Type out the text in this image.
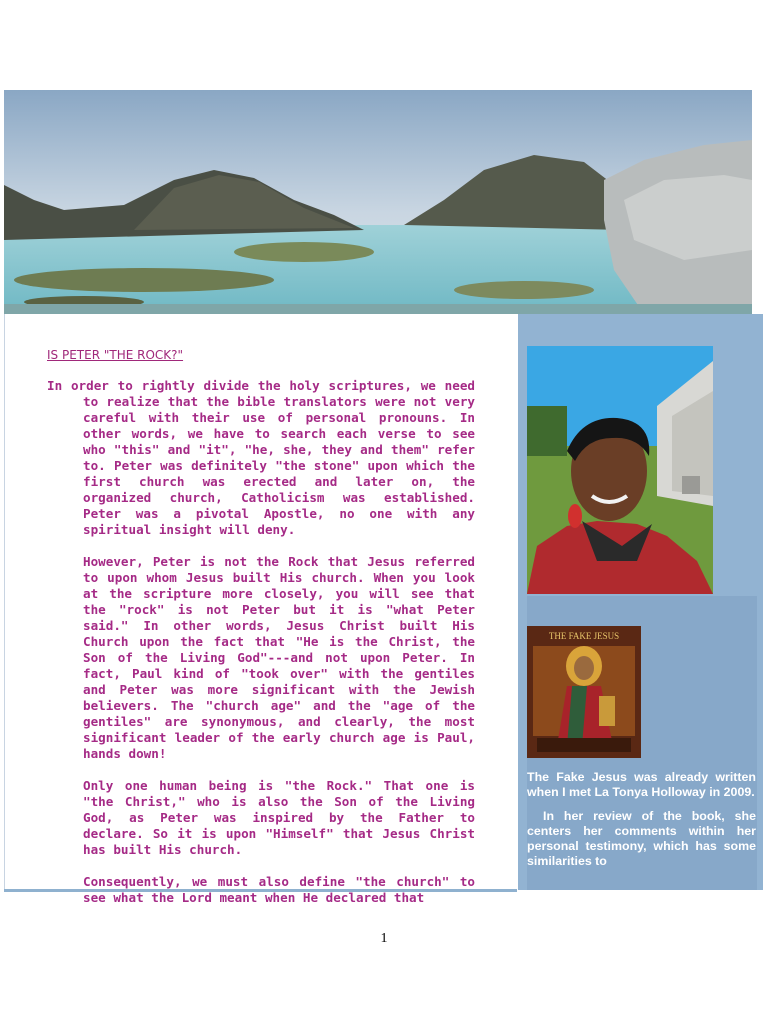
IS PETER "THE ROCK?"

In order to rightly divide the holy scriptures, we need to realize that the bible translators were not very careful with their use of personal pronouns. In other words, we have to search each verse to see who "this" and "it", "he, she, they and them" refer to. Peter was definitely "the stone" upon which the first church was erected and later on, the organized church, Catholicism was established. Peter was a pivotal Apostle, no one with any spiritual insight will deny.

However, Peter is not the Rock that Jesus referred to upon whom Jesus built His church. When you look at the scripture more closely, you will see that the "rock" is not Peter but it is "what Peter said." In other words, Jesus Christ built His Church upon the fact that "He is the Christ, the Son of the Living God"---and not upon Peter. In fact, Paul kind of "took over" with the gentiles and Peter was more significant with the Jewish believers. The "church age" and the "age of the gentiles" are synonymous, and clearly, the most significant leader of the early church age is Paul, hands down!

Only one human being is "the Rock." That one is "the Christ," who is also the Son of the Living God, as Peter was inspired by the Father to declare. So it is upon "Himself" that Jesus Christ has built His church.

Consequently, we must also define "the church" to see what the Lord meant when He declared that

THE FAKE JESUS

The Fake Jesus was already written when I met La Tonya Holloway in 2009.

In her review of the book, she centers her comments within her personal testimony, which has some similarities to

1
